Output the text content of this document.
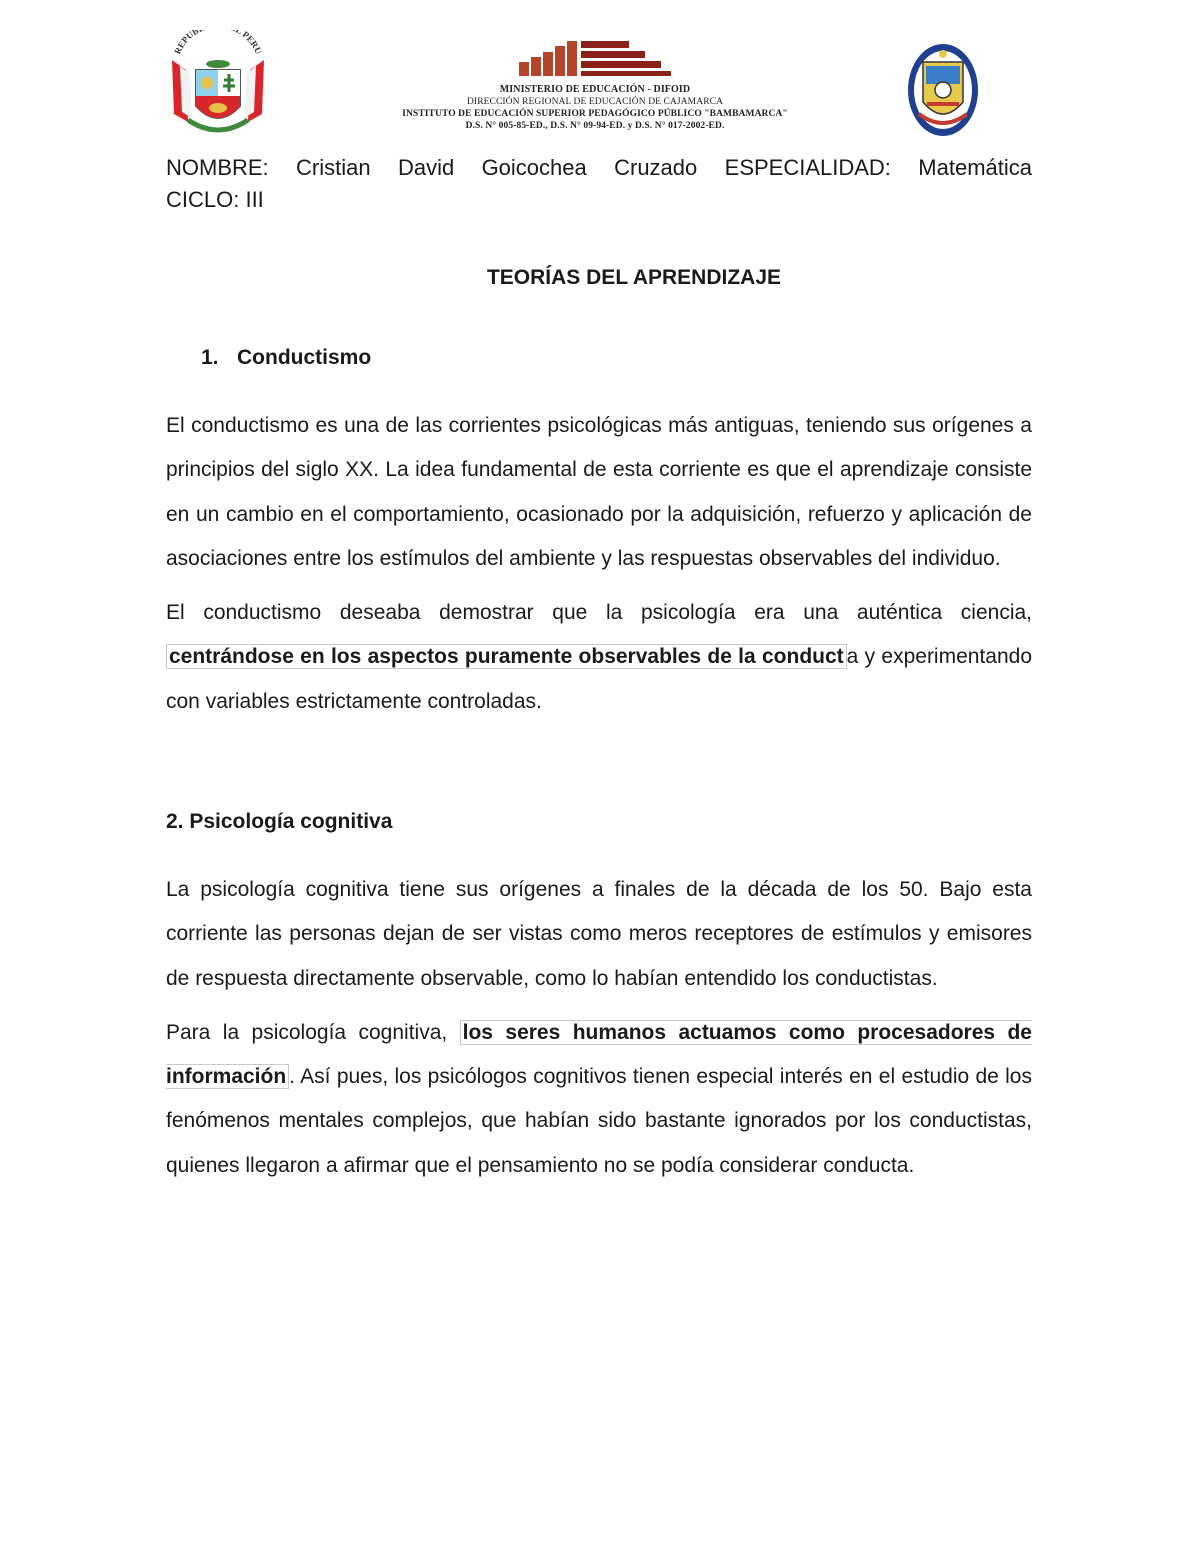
REPUB L PERU
MINISTERIO DE EDUCACIÓN - DIFOID
DIRECCIÓN REGIONAL DE EDUCACIÓN DE CAJAMARCA
INSTITUTO DE EDUCACIÓN SUPERIOR PEDAGÓGICO PÚBLICO "BAMBAMARCA"
D.S. N° 005-85-ED., D.S. N° 09-94-ED. y D.S. N° 017-2002-ED.
NOMBRE: Cristian David Goicochea Cruzado ESPECIALIDAD: Matemática
CICLO: III
TEORÍAS DEL APRENDIZAJE
1. Conductismo

El conductismo es una de las corrientes psicológicas más antiguas, teniendo sus orígenes a principios del siglo XX. La idea fundamental de esta corriente es que el aprendizaje consiste en un cambio en el comportamiento, ocasionado por la adquisición, refuerzo y aplicación de asociaciones entre los estímulos del ambiente y las respuestas observables del individuo.

El conductismo deseaba demostrar que la psicología era una auténtica ciencia, centrándose en los aspectos puramente observables de la conduct a y experimentando con variables estrictamente controladas.

2. Psicología cognitiva

La psicología cognitiva tiene sus orígenes a finales de la década de los 50. Bajo esta corriente las personas dejan de ser vistas como meros receptores de estímulos y emisores de respuesta directamente observable, como lo habían entendido los conductistas.

Para la psicología cognitiva, los seres humanos actuamos como procesadores de información . Así pues, los psicólogos cognitivos tienen especial interés en el estudio de los fenómenos mentales complejos, que habían sido bastante ignorados por los conductistas, quienes llegaron a afirmar que el pensamiento no se podía considerar conducta.
